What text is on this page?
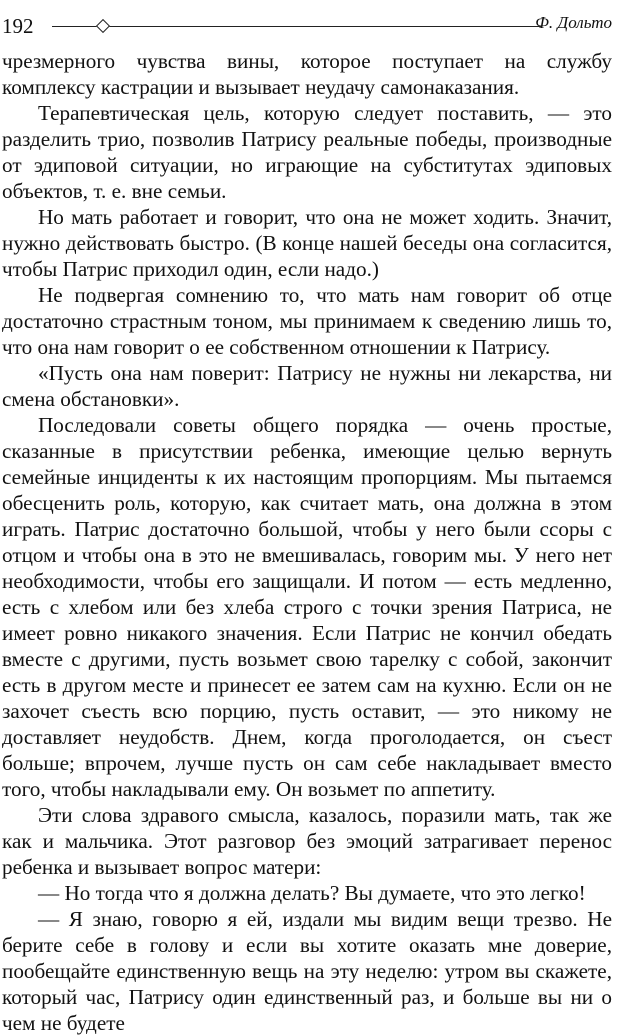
192	Ф. Дольто

чрезмерного чувства вины, которое поступает на службу комплексу кастрации и вызывает неудачу самонаказания.

Терапевтическая цель, которую следует поставить, — это разделить трио, позволив Патрису реальные победы, производные от эдиповой ситуации, но играющие на субститутах эдиповых объектов, т. е. вне семьи.

Но мать работает и говорит, что она не может ходить. Значит, нужно действовать быстро. (В конце нашей беседы она согласится, чтобы Патрис приходил один, если надо.)

Не подвергая сомнению то, что мать нам говорит об отце достаточно страстным тоном, мы принимаем к сведению лишь то, что она нам говорит о ее собственном отношении к Патрису.

«Пусть она нам поверит: Патрису не нужны ни лекарства, ни смена обстановки».

Последовали советы общего порядка — очень простые, сказанные в присутствии ребенка, имеющие целью вернуть семейные инциденты к их настоящим пропорциям. Мы пытаемся обесценить роль, которую, как считает мать, она должна в этом играть. Патрис достаточно большой, чтобы у него были ссоры с отцом и чтобы она в это не вмешивалась, говорим мы. У него нет необходимости, чтобы его защищали. И потом — есть медленно, есть с хлебом или без хлеба строго с точки зрения Патриса, не имеет ровно никакого значения. Если Патрис не кончил обедать вместе с другими, пусть возьмет свою тарелку с собой, закончит есть в другом месте и принесет ее затем сам на кухню. Если он не захочет съесть всю порцию, пусть оставит, — это никому не доставляет неудобств. Днем, когда проголодается, он съест больше; впрочем, лучше пусть он сам себе накладывает вместо того, чтобы накладывали ему. Он возьмет по аппетиту.

Эти слова здравого смысла, казалось, поразили мать, так же как и мальчика. Этот разговор без эмоций затрагивает перенос ребенка и вызывает вопрос матери:

— Но тогда что я должна делать? Вы думаете, что это легко!

— Я знаю, говорю я ей, издали мы видим вещи трезво. Не берите себе в голову и если вы хотите оказать мне доверие, пообещайте единственную вещь на эту неделю: утром вы скажете, который час, Патрису один единственный раз, и больше вы ни о чем не будете
